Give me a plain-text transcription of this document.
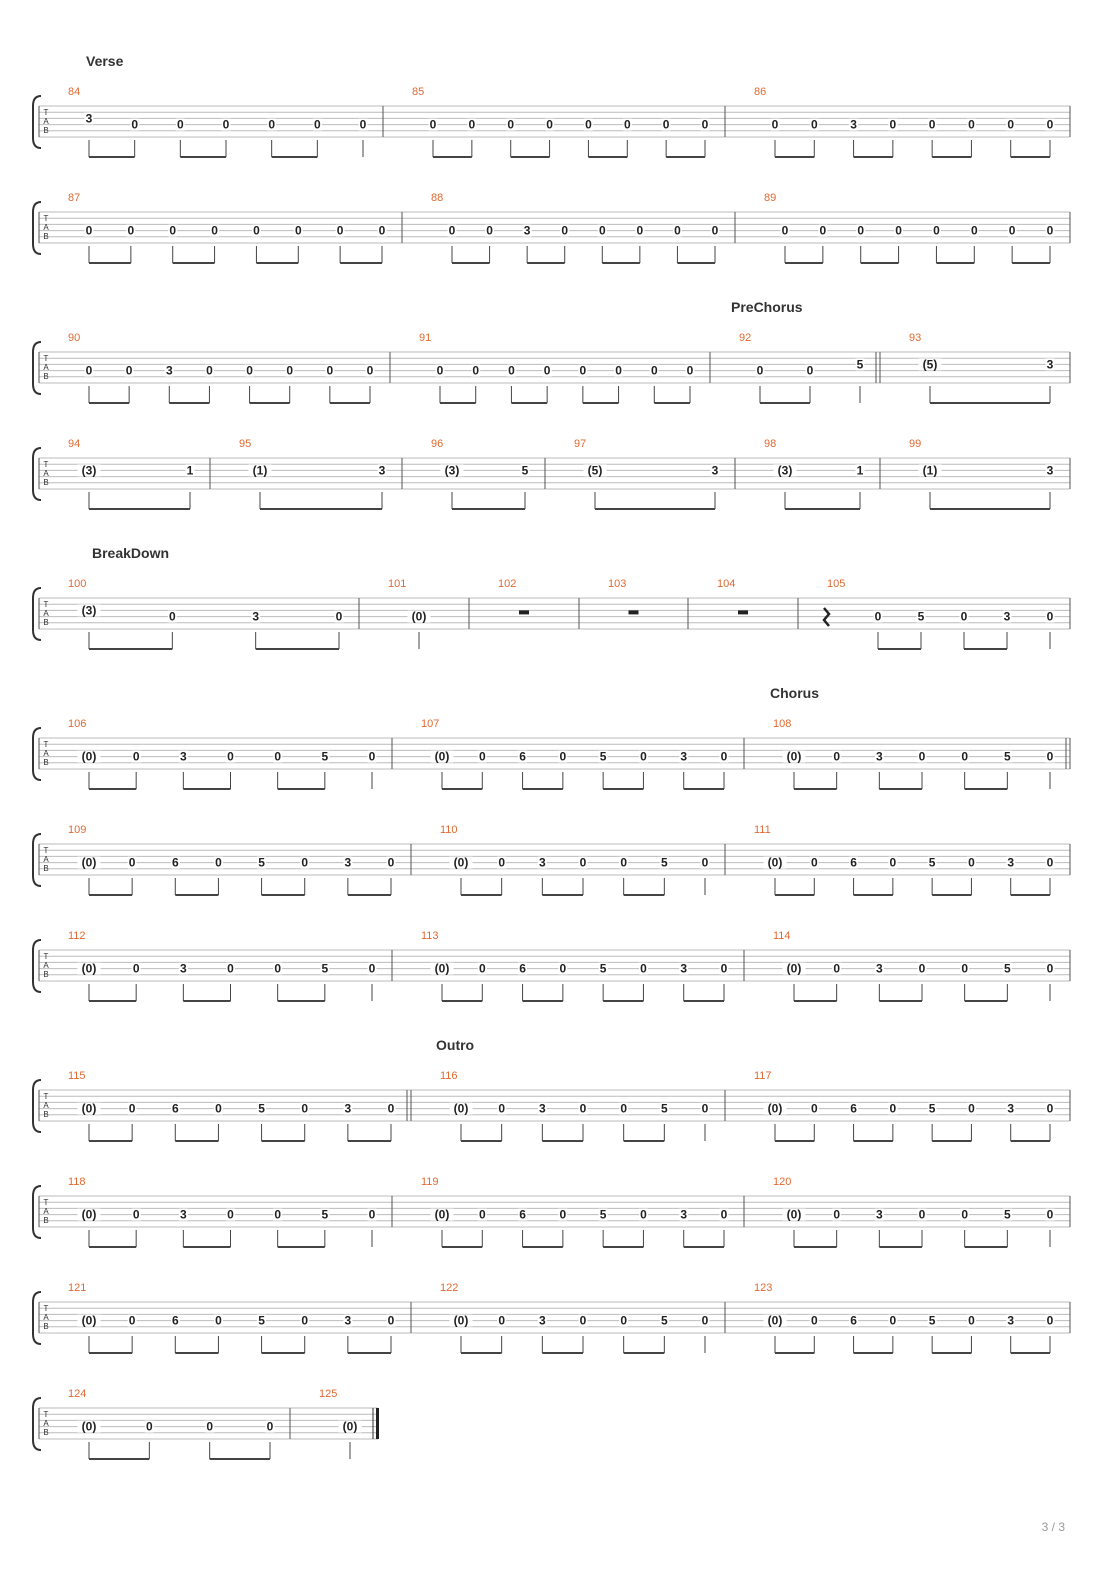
Verse
T
A
B
84
3	0	0	0	0	0	0
85
0	0	0	0	0	0	0	0
86
0	0	3	0	0	0	0	0
T
A
B
87
0	0	0	0	0	0	0	0
88
0	0	3	0	0	0	0	0
89
0	0	0	0	0	0	0	0
PreChorus
T
A
B
90
0	0	3	0	0	0	0	0
91
0 0 0 0 0 0 0 0
92
0	0	5
93
(5)	3
T
A
B
94
(3)	1
95
(1)	3
96
(3)	5
97
(5)	3
98
(3)	1
99
(1)	3
BreakDown
T
A
B
100
(3)	0	3	0
101
(0)
102	103	104	105
0	5	0	3	0
Chorus
T
A
B
106
(0)	0	3	0	0	5	0
107
(0) 0	6	0	5	0	3	0
108
(0)	0	3	0	0	5	0
T
A
B
109
(0)	0	6	0	5	0	3	0
110
(0) 0	3	0	0	5	0
111
(0) 0	6	0	5	0	3	0
T
A
B
112
(0)	0	3	0	0	5	0
113
(0) 0	6	0	5	0	3	0
114
(0)	0	3	0	0	5	0
Outro
T
A
B
115
(0)	0	6	0	5	0	3	0
116
(0) 0	3	0	0	5	0
117
(0) 0	6	0	5	0	3	0
T
A
B
118
(0)	0	3	0	0	5	0
119
(0) 0	6	0	5	0	3	0
120
(0)	0	3	0	0	5	0
T
A
B
121
(0)	0	6	0	5	0	3	0
122
(0) 0	3	0	0	5	0
123
(0) 0	6	0	5	0	3	0
T
A
B
124
(0)	0	0	0
125
(0)
3 / 3
